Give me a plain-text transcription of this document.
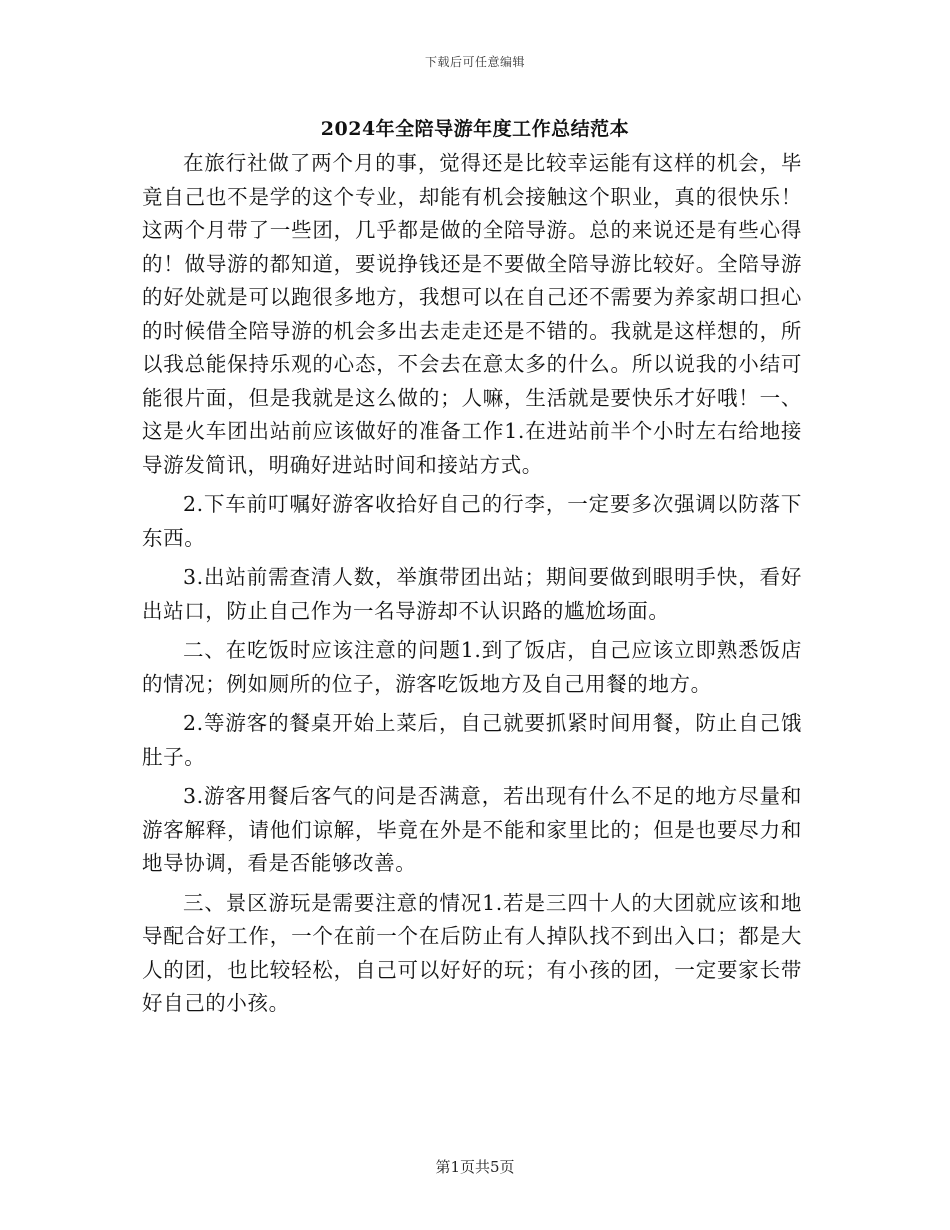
下载后可任意编辑
2024年全陪导游年度工作总结范本

在旅行社做了两个月的事，觉得还是比较幸运能有这样的机会，毕竟自己也不是学的这个专业，却能有机会接触这个职业，真的很快乐！这两个月带了一些团，几乎都是做的全陪导游。总的来说还是有些心得的！做导游的都知道，要说挣钱还是不要做全陪导游比较好。全陪导游的好处就是可以跑很多地方，我想可以在自己还不需要为养家胡口担心的时候借全陪导游的机会多出去走走还是不错的。我就是这样想的，所以我总能保持乐观的心态，不会去在意太多的什么。所以说我的小结可能很片面，但是我就是这么做的；人嘛，生活就是要快乐才好哦！一、这是火车团出站前应该做好的准备工作1.在进站前半个小时左右给地接导游发简讯，明确好进站时间和接站方式。

2.下车前叮嘱好游客收拾好自己的行李，一定要多次强调以防落下东西。

3.出站前需查清人数，举旗带团出站；期间要做到眼明手快，看好出站口，防止自己作为一名导游却不认识路的尴尬场面。

二、在吃饭时应该注意的问题1.到了饭店，自己应该立即熟悉饭店的情况；例如厕所的位子，游客吃饭地方及自己用餐的地方。

2.等游客的餐桌开始上菜后，自己就要抓紧时间用餐，防止自己饿肚子。

3.游客用餐后客气的问是否满意，若出现有什么不足的地方尽量和游客解释，请他们谅解，毕竟在外是不能和家里比的；但是也要尽力和地导协调，看是否能够改善。

三、景区游玩是需要注意的情况1.若是三四十人的大团就应该和地导配合好工作，一个在前一个在后防止有人掉队找不到出入口；都是大人的团，也比较轻松，自己可以好好的玩；有小孩的团，一定要家长带好自己的小孩。

第1页共5页
